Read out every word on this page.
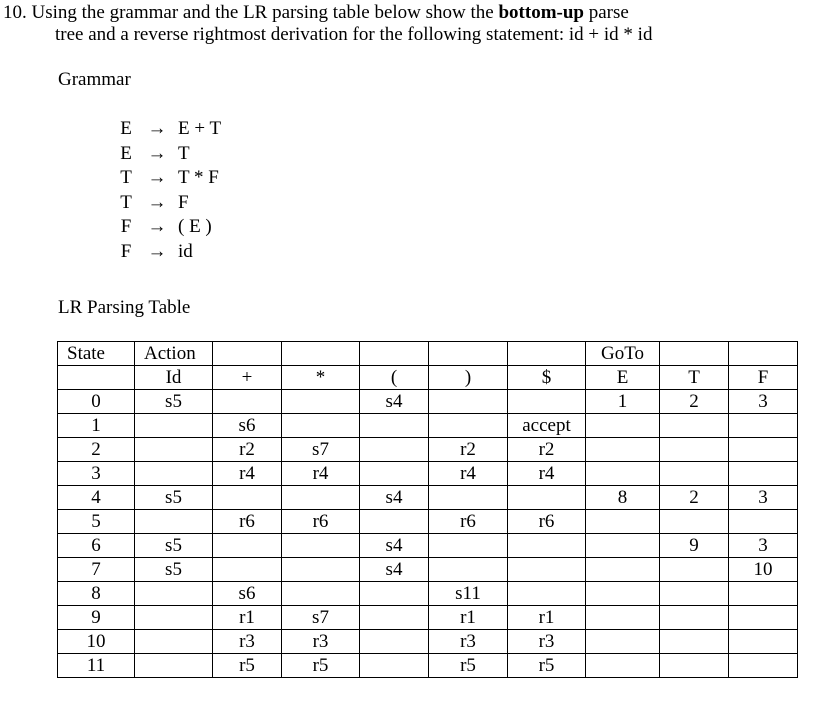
10. Using the grammar and the LR parsing table below show the bottom-up parse
tree and a reverse rightmost derivation for the following statement: id + id * id
Grammar
E → E + T
E → T
T → T * F
T → F
F → ( E )
F → id
LR Parsing Table
State	Action						GoTo		
	Id	+	*	(	)	$	E	T	F
0	s5			s4			1	2	3
1		s6				accept			
2		r2	s7		r2	r2			
3		r4	r4		r4	r4			
4	s5			s4			8	2	3
5		r6	r6		r6	r6			
6	s5			s4				9	3
7	s5			s4					10
8		s6			s11				
9		r1	s7		r1	r1			
10		r3	r3		r3	r3			
11		r5	r5		r5	r5			
